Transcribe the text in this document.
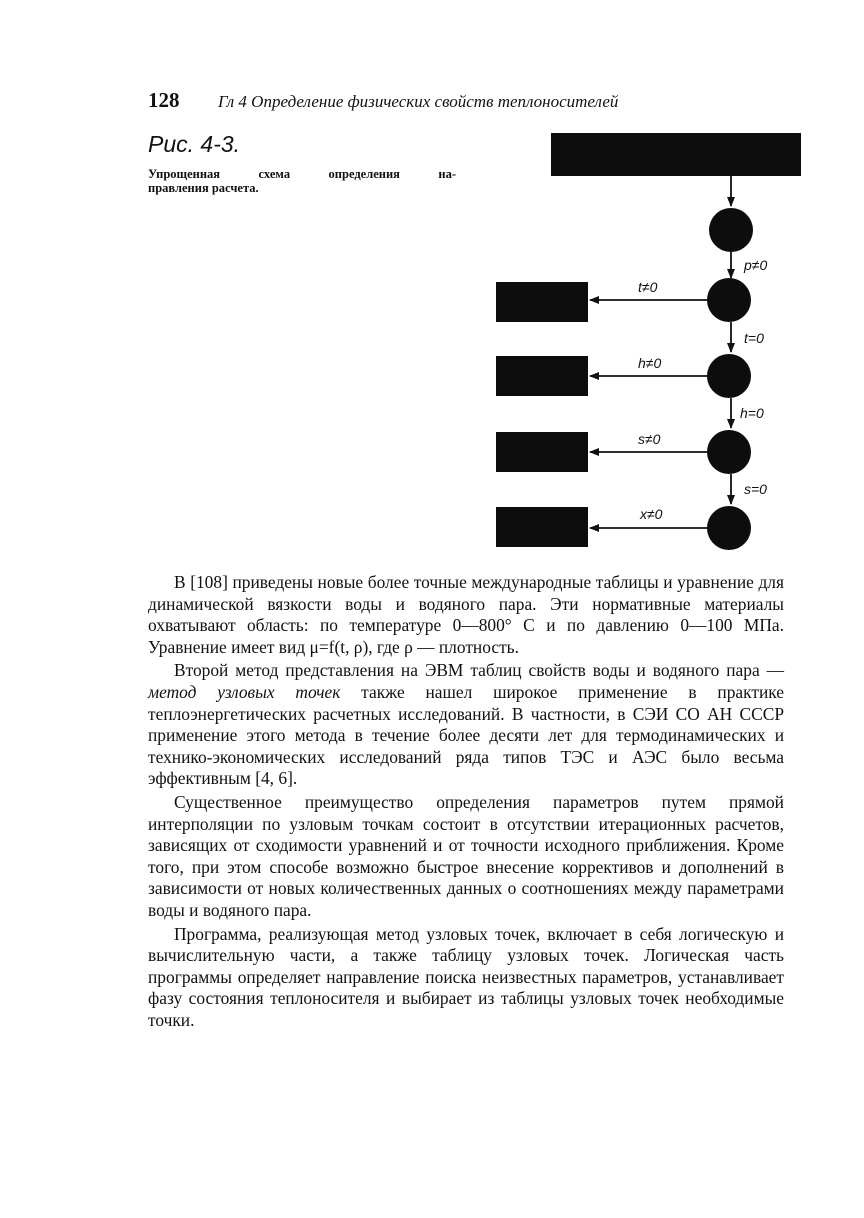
128 Гл 4 Определение физических свойств теплоносителей
Рис. 4-3.
Упрощенная схема определения на-
правления расчета.
p≠0
t=0
h=0
s=0
t≠0
h≠0
s≠0
x≠0

В [108] приведены новые более точные международные таблицы и уравнение для динамической вязкости воды и водяного пара. Эти нормативные материалы охватывают область: по температуре 0—800° С и по давлению 0—100 МПа. Уравнение имеет вид μ=f(t, ρ), где ρ — плотность.

Второй метод представления на ЭВМ таблиц свойств воды и водяного пара — метод узловых точек также нашел широкое применение в практике теплоэнергетических расчетных исследований. В частности, в СЭИ СО АН СССР применение этого метода в течение более десяти лет для термодинамических и технико-экономических исследований ряда типов ТЭС и АЭС было весьма эффективным [4, 6].

Существенное преимущество определения параметров путем прямой интерполяции по узловым точкам состоит в отсутствии итерационных расчетов, зависящих от сходимости уравнений и от точности исходного приближения. Кроме того, при этом способе возможно быстрое внесение коррективов и дополнений в зависимости от новых количественных данных о соотношениях между параметрами воды и водяного пара.

Программа, реализующая метод узловых точек, включает в себя логическую и вычислительную части, а также таблицу узловых точек. Логическая часть программы определяет направление поиска неизвестных параметров, устанавливает фазу состояния теплоносителя и выбирает из таблицы узловых точек необходимые точки.
